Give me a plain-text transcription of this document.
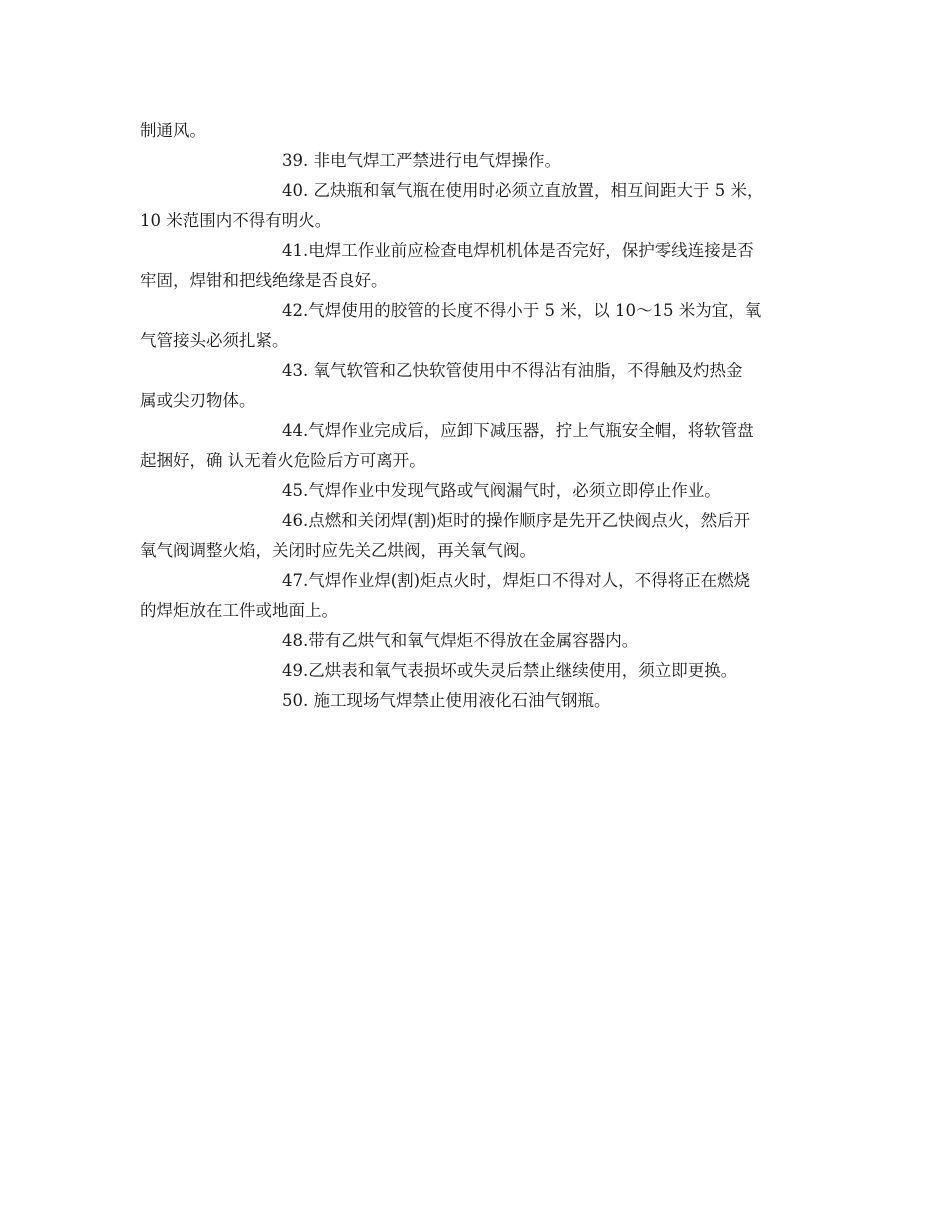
制通风。

39. 非电气焊工严禁进行电气焊操作。

40. 乙炔瓶和氧气瓶在使用时必须立直放置，相互间距大于 5 米，
10 米范围内不得有明火。

41.电焊工作业前应检查电焊机机体是否完好，保护零线连接是否
牢固，焊钳和把线绝缘是否良好。

42.气焊使用的胶管的长度不得小于 5 米，以 10～15 米为宜，氧
气管接头必须扎紧。

43. 氧气软管和乙快软管使用中不得沾有油脂，不得触及灼热金
属或尖刃物体。

44.气焊作业完成后，应卸下减压器，拧上气瓶安全帽，将软管盘
起捆好，确 认无着火危险后方可离开。

45.气焊作业中发现气路或气阀漏气时，必须立即停止作业。

46.点燃和关闭焊(割)炬时的操作顺序是先开乙快阀点火，然后开
氧气阀调整火焰，关闭时应先关乙烘阀，再关氧气阀。

47.气焊作业焊(割)炬点火时，焊炬口不得对人，不得将正在燃烧
的焊炬放在工件或地面上。

48.带有乙烘气和氧气焊炬不得放在金属容器内。

49.乙烘表和氧气表损坏或失灵后禁止继续使用，须立即更换。

50. 施工现场气焊禁止使用液化石油气钢瓶。
